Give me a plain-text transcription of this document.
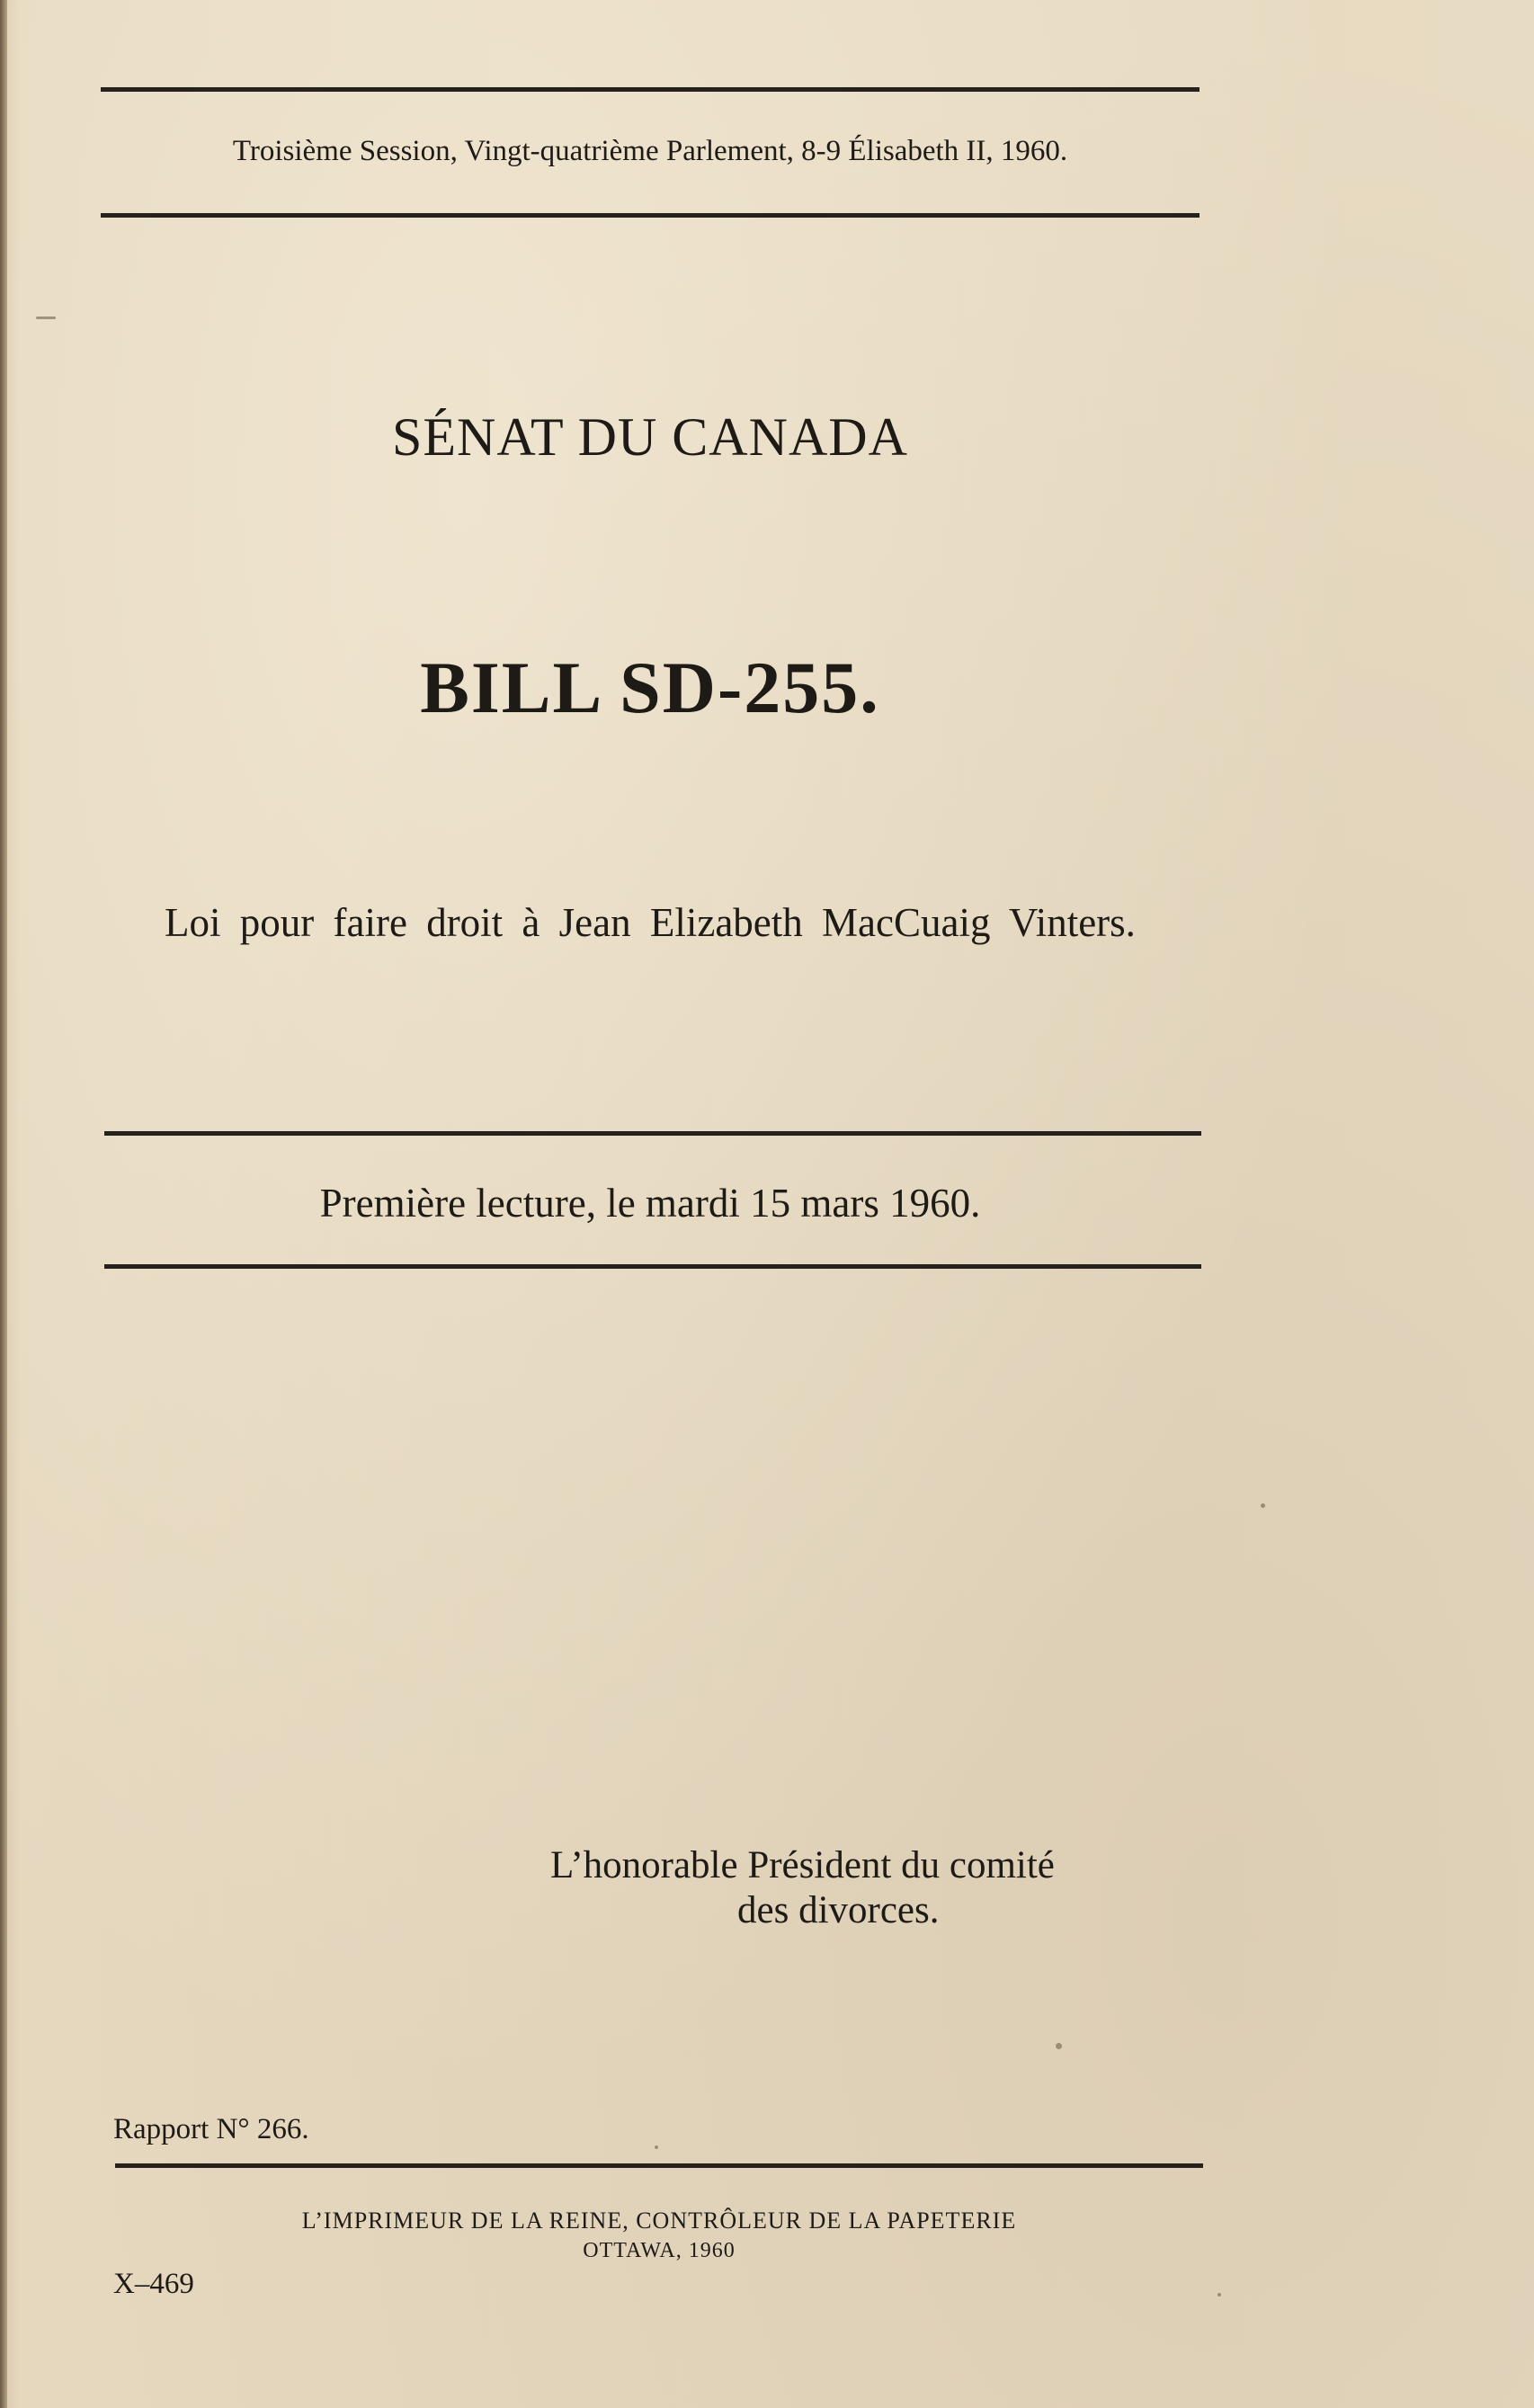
Troisième Session, Vingt-quatrième Parlement, 8-9 Élisabeth II, 1960.
SÉNAT DU CANADA
BILL SD-255.
Loi pour faire droit à Jean Elizabeth MacCuaig Vinters.
Première lecture, le mardi 15 mars 1960.
L’honorable Président du comité
des divorces.
Rapport N° 266.
L’IMPRIMEUR DE LA REINE, CONTRÔLEUR DE LA PAPETERIE
OTTAWA, 1960
X–469
